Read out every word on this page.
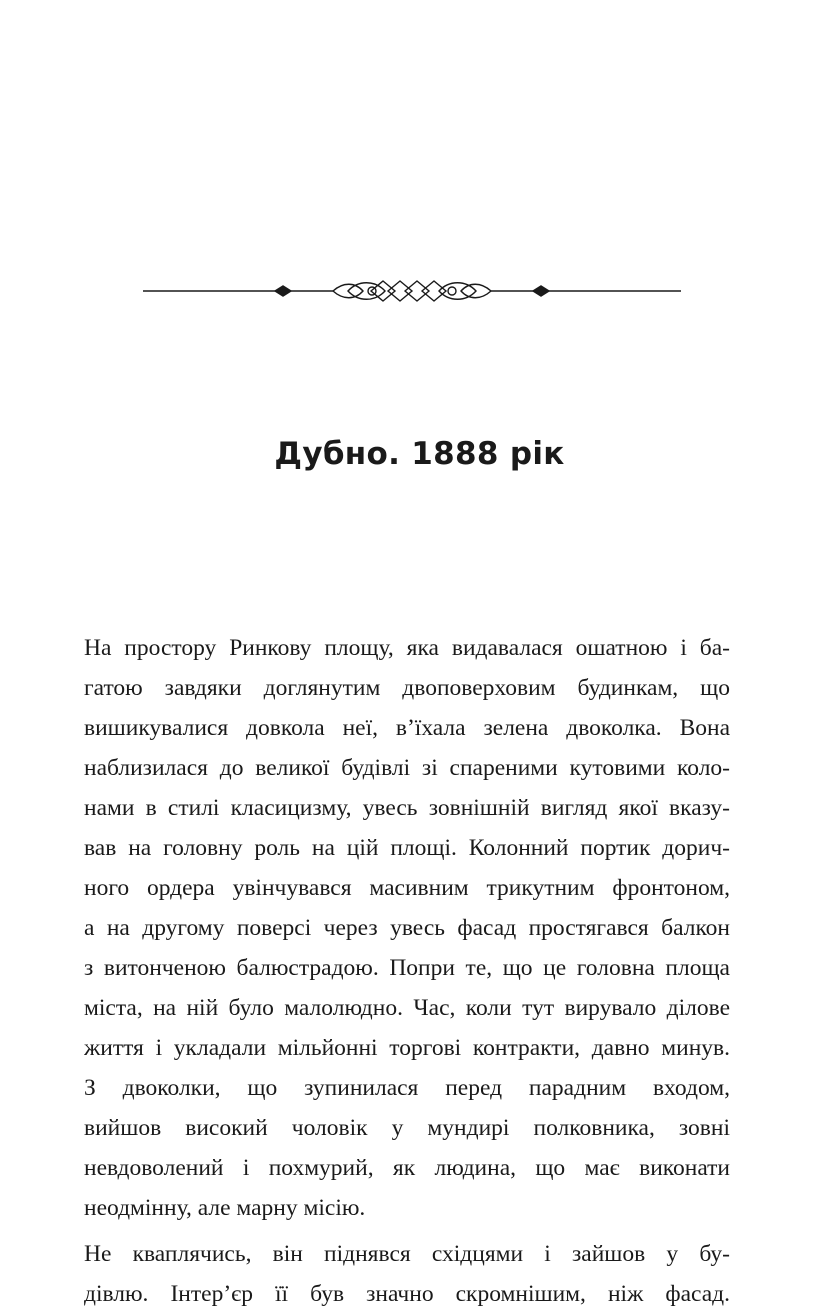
Дубно. 1888 рік
На простору Ринкову площу, яка видавалася ошатною і ба-
гатою завдяки доглянутим двоповерховим будинкам, що
вишикувалися довкола неї, в’їхала зелена двоколка. Вона
наблизилася до великої будівлі зі спареними кутовими коло-
нами в стилі класицизму, увесь зовнішній вигляд якої вказу-
вав на головну роль на цій площі. Колонний портик дорич-
ного ордера увінчувався масивним трикутним фронтоном,
а на другому поверсі через увесь фасад простягався балкон
з витонченою балюстрадою. Попри те, що це головна площа
міста, на ній було малолюдно. Час, коли тут вирувало ділове
життя і укладали мільйонні торгові контракти, давно минув.
З двоколки, що зупинилася перед парадним входом,
вийшов високий чоловік у мундирі полковника, зовні
невдоволений і похмурий, як людина, що має виконати
неодмінну, але марну місію.
Не кваплячись, він піднявся східцями і зайшов у бу-
дівлю. Інтер’єр її був значно скромнішим, ніж фасад.
